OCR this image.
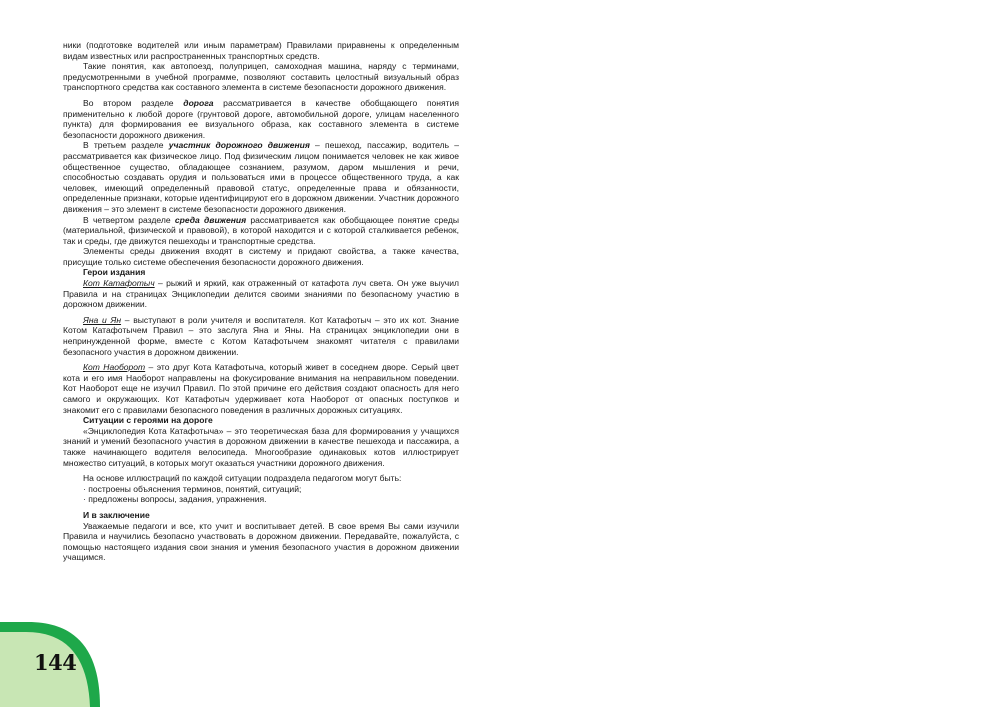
ники (подготовке водителей или иным параметрам) Правилами приравнены к определенным видам известных или распространенных транспортных средств.

Такие понятия, как автопоезд, полуприцеп, самоходная машина, наряду с терминами, предусмотренными в учебной программе, позволяют составить целостный визуальный образ транспортного средства как составного элемента в системе безопасности дорожного движения.

Во втором разделе дорога рассматривается в качестве обобщающего понятия применительно к любой дороге (грунтовой дороге, автомобильной дороге, улицам населенного пункта) для формирования ее визуального образа, как составного элемента в системе безопасности дорожного движения.

В третьем разделе участник дорожного движения – пешеход, пассажир, водитель – рассматривается как физическое лицо. Под физическим лицом понимается человек не как живое общественное существо, обладающее сознанием, разумом, даром мышления и речи, способностью создавать орудия и пользоваться ими в процессе общественного труда, а как человек, имеющий определенный правовой статус, определенные права и обязанности, определенные признаки, которые идентифицируют его в дорожном движении. Участник дорожного движения – это элемент в системе безопасности дорожного движения.

В четвертом разделе среда движения рассматривается как обобщающее понятие среды (материальной, физической и правовой), в которой находится и с которой сталкивается ребенок, так и среды, где движутся пешеходы и транспортные средства.

Элементы среды движения входят в систему и придают свойства, а также качества, присущие только системе обеспечения безопасности дорожного движения.

Герои издания

Кот Катафотыч – рыжий и яркий, как отраженный от катафота луч света. Он уже выучил Правила и на страницах Энциклопедии делится своими знаниями по безопасному участию в дорожном движении.

Яна и Ян – выступают в роли учителя и воспитателя. Кот Катафотыч – это их кот. Знание Котом Катафотычем Правил – это заслуга Яна и Яны. На страницах энциклопедии они в непринужденной форме, вместе с Котом Катафотычем знакомят читателя с правилами безопасного участия в дорожном движении.

Кот Наоборот – это друг Кота Катафотыча, который живет в соседнем дворе. Серый цвет кота и его имя Наоборот направлены на фокусирование внимания на неправильном поведении. Кот Наоборот еще не изучил Правил. По этой причине его действия создают опасность для него самого и окружающих. Кот Катафотыч удерживает кота Наоборот от опасных поступков и знакомит его с правилами безопасного поведения в различных дорожных ситуациях.

Ситуации с героями на дороге

«Энциклопедия Кота Катафотыча» – это теоретическая база для формирования у учащихся знаний и умений безопасного участия в дорожном движении в качестве пешехода и пассажира, а также начинающего водителя велосипеда. Многообразие одинаковых котов иллюстрирует множество ситуаций, в которых могут оказаться участники дорожного движения.

На основе иллюстраций по каждой ситуации подраздела педагогом могут быть:

· построены объяснения терминов, понятий, ситуаций;

· предложены вопросы, задания, упражнения.

И в заключение

Уважаемые педагоги и все, кто учит и воспитывает детей. В свое время Вы сами изучили Правила и научились безопасно участвовать в дорожном движении. Передавайте, пожалуйста, с помощью настоящего издания свои знания и умения безопасного участия в дорожном движении учащимся.

144
